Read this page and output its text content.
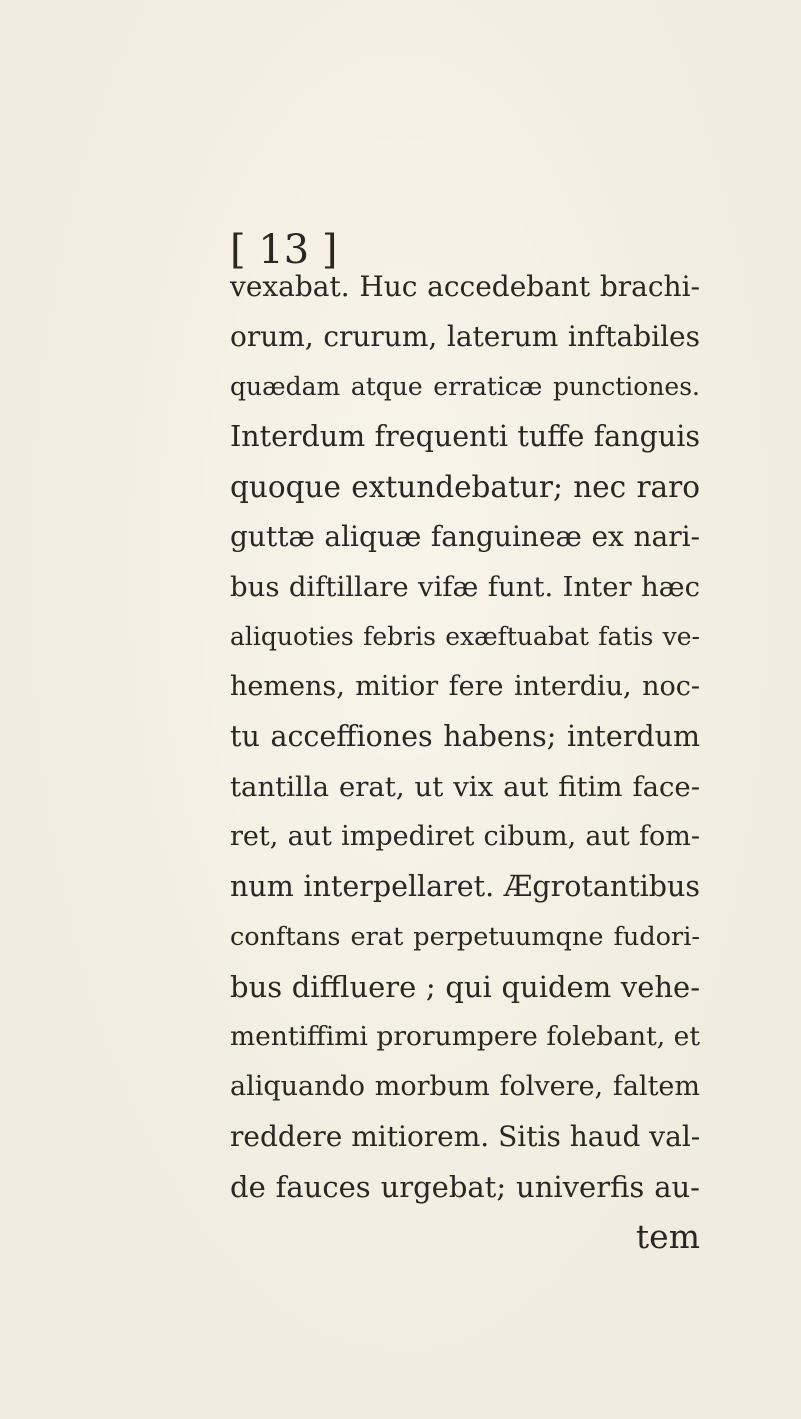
[ 13 ]
vexabat. Huc accedebant brachi-
orum, crurum, laterum inftabiles
quædam atque erraticæ punctiones.
Interdum frequenti tuffe fanguis
quoque extundebatur; nec raro
guttæ aliquæ fanguineæ ex nari-
bus diftillare vifæ funt. Inter hæc
aliquoties febris exæftuabat fatis ve-
hemens, mitior fere interdiu, noc-
tu acceffiones habens; interdum
tantilla erat, ut vix aut fitim face-
ret, aut impediret cibum, aut fom-
num interpellaret. Ægrotantibus
conftans erat perpetuumqne fudori-
bus diffluere ; qui quidem vehe-
mentiffimi prorumpere folebant, et
aliquando morbum folvere, faltem
reddere mitiorem. Sitis haud val-
de fauces urgebat; univerfis au-
tem
